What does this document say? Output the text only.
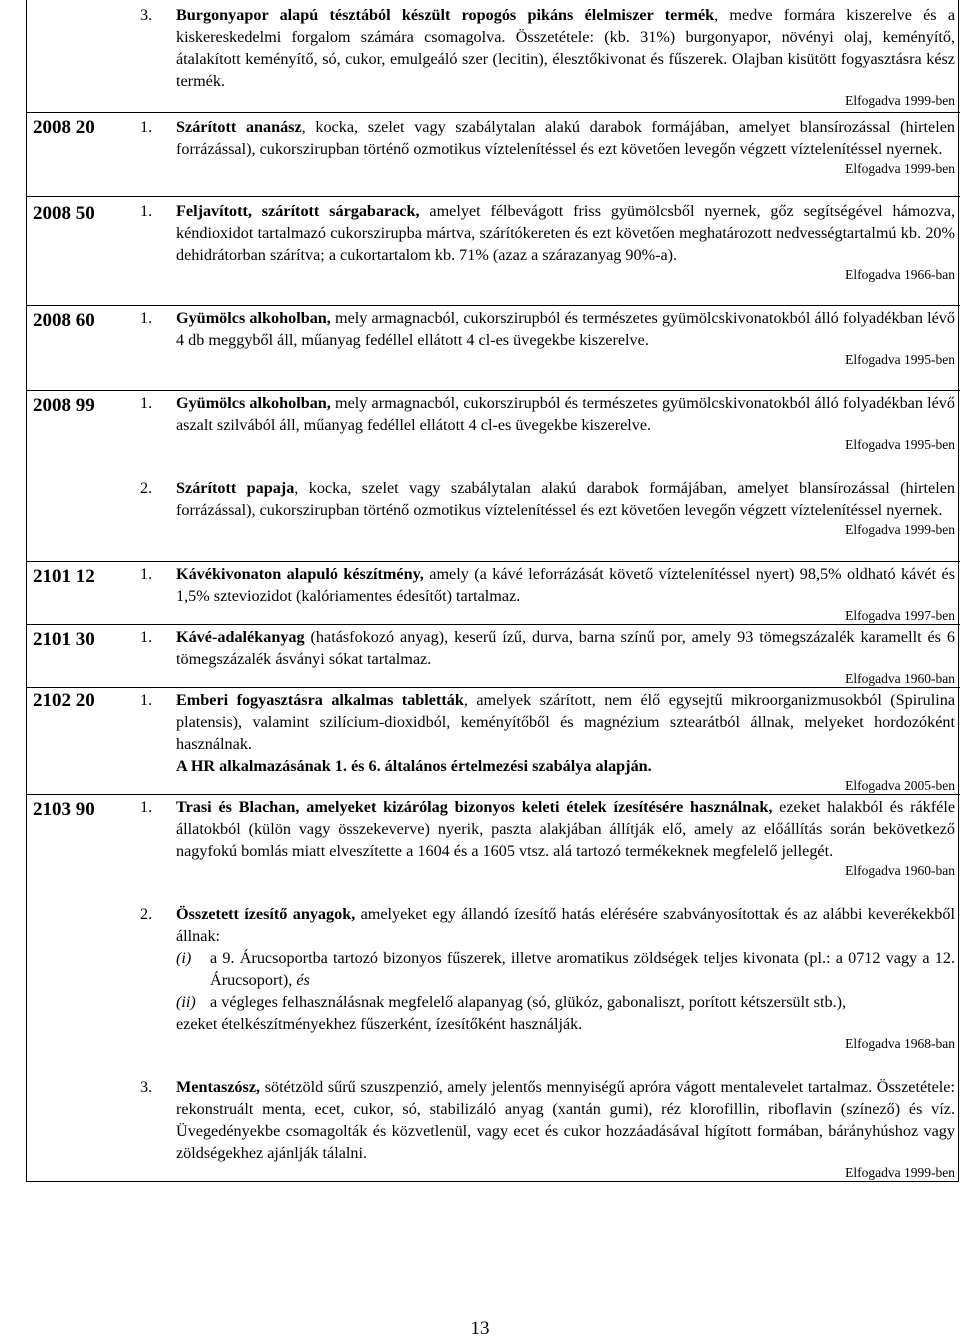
3. Burgonyapor alapú tésztából készült ropogós pikáns élelmiszer termék, medve formára kiszerelve és a kiskereskedelmi forgalom számára csomagolva. Összetétele: (kb. 31%) burgonyapor, növényi olaj, keményítő, átalakított keményítő, só, cukor, emulgeáló szer (lecitin), élesztőkivonat és fűszerek. Olajban kisütött fogyasztásra kész termék.
Elfogadva 1999-ben
2008 20	1. Szárított ananász, kocka, szelet vagy szabálytalan alakú darabok formájában, amelyet blansírozással (hirtelen forrázással), cukorszirupban történő ozmotikus víztelenítéssel és ezt követően levegőn végzett víztelenítéssel nyernek.
Elfogadva 1999-ben
2008 50	1. Feljavított, szárított sárgabarack, amelyet félbevágott friss gyümölcsből nyernek, gőz segítségével hámozva, kéndioxidot tartalmazó cukorszirupba mártva, szárítókereten és ezt követően meghatározott nedvességtartalmú kb. 20% dehidrátorban szárítva; a cukortartalom kb. 71% (azaz a szárazanyag 90%-a).
Elfogadva 1966-ban
2008 60	1. Gyümölcs alkoholban, mely armagnacból, cukorszirupból és természetes gyümölcskivonatokból álló folyadékban lévő 4 db meggyből áll, műanyag fedéllel ellátott 4 cl-es üvegekbe kiszerelve.
Elfogadva 1995-ben
2008 99	1. Gyümölcs alkoholban, mely armagnacból, cukorszirupból és természetes gyümölcskivonatokból álló folyadékban lévő aszalt szilvából áll, műanyag fedéllel ellátott 4 cl-es üvegekbe kiszerelve.
Elfogadva 1995-ben
2. Szárított papaja, kocka, szelet vagy szabálytalan alakú darabok formájában, amelyet blansírozással (hirtelen forrázással), cukorszirupban történő ozmotikus víztelenítéssel és ezt követően levegőn végzett víztelenítéssel nyernek.
Elfogadva 1999-ben
2101 12	1. Kávékivonaton alapuló készítmény, amely (a kávé leforrázását követő víztelenítéssel nyert) 98,5% oldható kávét és 1,5% szteviozidot (kalóriamentes édesítőt) tartalmaz.
Elfogadva 1997-ben
2101 30	1. Kávé-adalékanyag (hatásfokozó anyag), keserű ízű, durva, barna színű por, amely 93 tömegszázalék karamellt és 6 tömegszázalék ásványi sókat tartalmaz.
Elfogadva 1960-ban
2102 20	1. Emberi fogyasztásra alkalmas tabletták, amelyek szárított, nem élő egysejtű mikroorganizmusokból (Spirulina platensis), valamint szilícium-dioxidból, keményítőből és magnézium sztearátból állnak, melyeket hordozóként használnak.
A HR alkalmazásának 1. és 6. általános értelmezési szabálya alapján.
Elfogadva 2005-ben
2103 90	1. Trasi és Blachan, amelyeket kizárólag bizonyos keleti ételek ízesítésére használnak, ezeket halakból és rákféle állatokból (külön vagy összekeverve) nyerik, paszta alakjában állítják elő, amely az előállítás során bekövetkező nagyfokú bomlás miatt elveszítette a 1604 és a 1605 vtsz. alá tartozó termékeknek megfelelő jellegét.
Elfogadva 1960-ban
2. Összetett ízesítő anyagok, amelyeket egy állandó ízesítő hatás elérésére szabványosítottak és az alábbi keverékekből állnak:
(i) a 9. Árucsoportba tartozó bizonyos fűszerek, illetve aromatikus zöldségek teljes kivonata (pl.: a 0712 vagy a 12. Árucsoport), és
(ii) a végleges felhasználásnak megfelelő alapanyag (só, glükóz, gabonaliszt, porított kétszersült stb.),
ezeket ételkészítményekhez fűszerként, ízesítőként használják.
Elfogadva 1968-ban
3. Mentaszósz, sötétzöld sűrű szuszpenzió, amely jelentős mennyiségű apróra vágott mentalevelet tartalmaz. Összetétele: rekonstruált menta, ecet, cukor, só, stabilizáló anyag (xantán gumi), réz klorofillin, riboflavin (színező) és víz. Üvegedényekbe csomagolták és közvetlenül, vagy ecet és cukor hozzáadásával hígított formában, bárányhúshoz vagy zöldségekhez ajánlják tálalni.
Elfogadva 1999-ben
13
